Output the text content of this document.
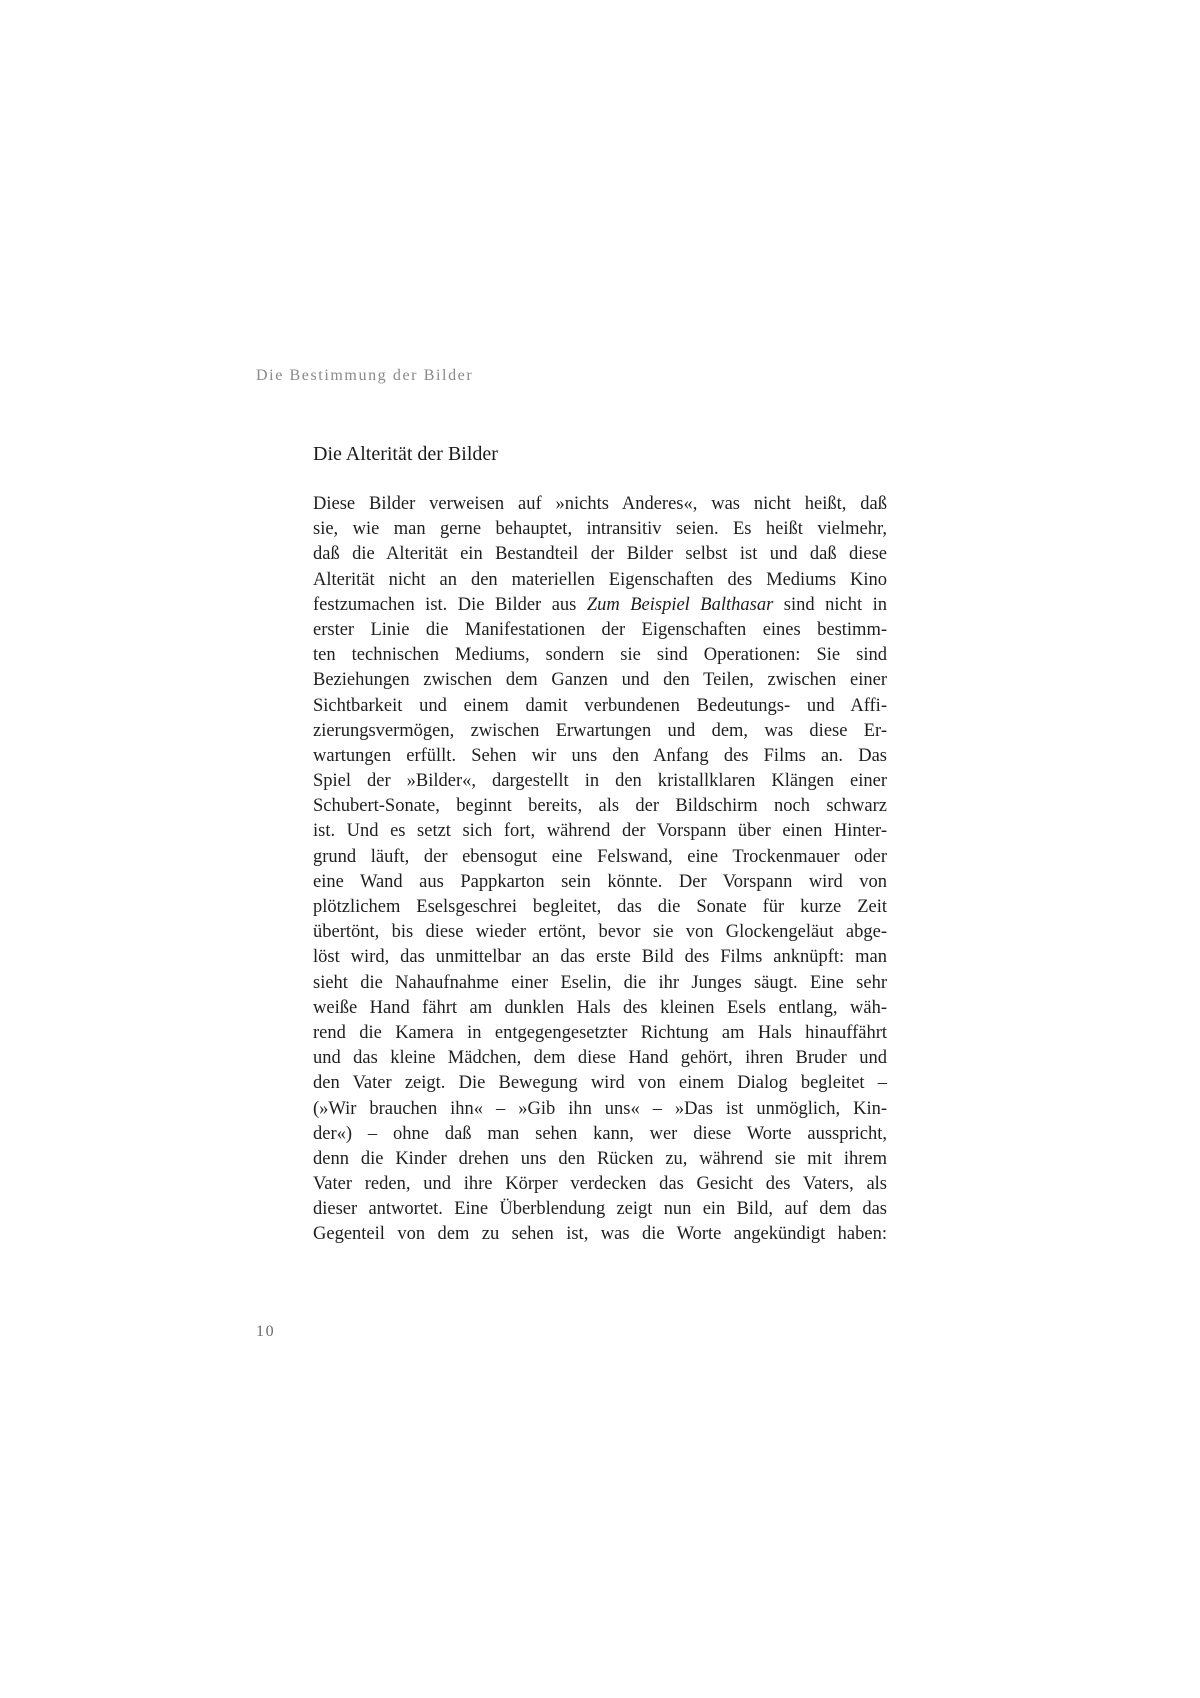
Die Bestimmung der Bilder
Die Alterität der Bilder
Diese Bilder verweisen auf »nichts Anderes«, was nicht heißt, daß
sie, wie man gerne behauptet, intransitiv seien. Es heißt vielmehr,
daß die Alterität ein Bestandteil der Bilder selbst ist und daß diese
Alterität nicht an den materiellen Eigenschaften des Mediums Kino
festzumachen ist. Die Bilder aus Zum Beispiel Balthasar sind nicht in
erster Linie die Manifestationen der Eigenschaften eines bestimm-
ten technischen Mediums, sondern sie sind Operationen: Sie sind
Beziehungen zwischen dem Ganzen und den Teilen, zwischen einer
Sichtbarkeit und einem damit verbundenen Bedeutungs- und Affi-
zierungsvermögen, zwischen Erwartungen und dem, was diese Er-
wartungen erfüllt. Sehen wir uns den Anfang des Films an. Das
Spiel der »Bilder«, dargestellt in den kristallklaren Klängen einer
Schubert-Sonate, beginnt bereits, als der Bildschirm noch schwarz
ist. Und es setzt sich fort, während der Vorspann über einen Hinter-
grund läuft, der ebensogut eine Felswand, eine Trockenmauer oder
eine Wand aus Pappkarton sein könnte. Der Vorspann wird von
plötzlichem Eselsgeschrei begleitet, das die Sonate für kurze Zeit
übertönt, bis diese wieder ertönt, bevor sie von Glockengeläut abge-
löst wird, das unmittelbar an das erste Bild des Films anknüpft: man
sieht die Nahaufnahme einer Eselin, die ihr Junges säugt. Eine sehr
weiße Hand fährt am dunklen Hals des kleinen Esels entlang, wäh-
rend die Kamera in entgegengesetzter Richtung am Hals hinauffährt
und das kleine Mädchen, dem diese Hand gehört, ihren Bruder und
den Vater zeigt. Die Bewegung wird von einem Dialog begleitet –
(»Wir brauchen ihn« – »Gib ihn uns« – »Das ist unmöglich, Kin-
der«) – ohne daß man sehen kann, wer diese Worte ausspricht,
denn die Kinder drehen uns den Rücken zu, während sie mit ihrem
Vater reden, und ihre Körper verdecken das Gesicht des Vaters, als
dieser antwortet. Eine Überblendung zeigt nun ein Bild, auf dem das
Gegenteil von dem zu sehen ist, was die Worte angekündigt haben:
10
